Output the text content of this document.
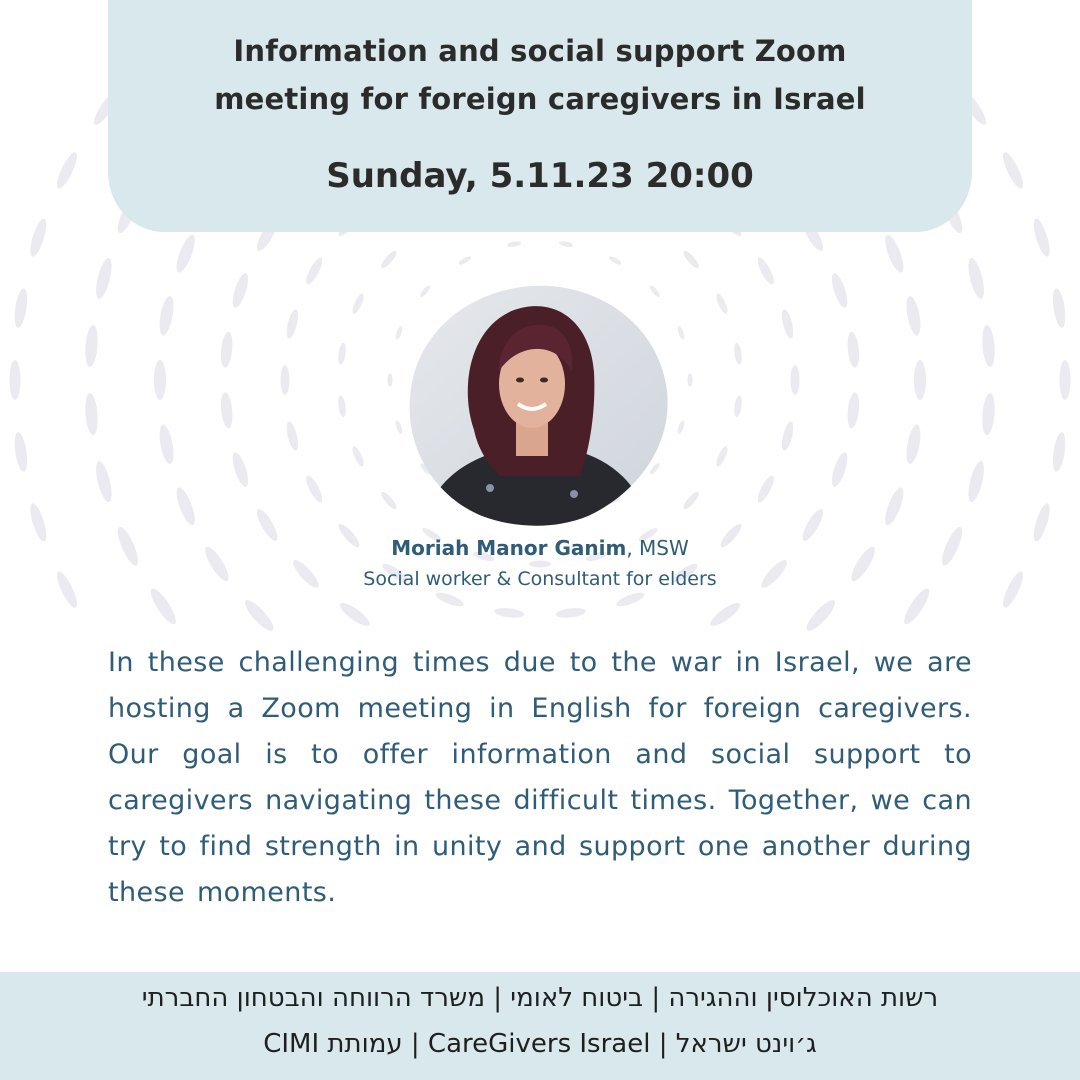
Information and social support Zoom
meeting for foreign caregivers in Israel
Sunday, 5.11.23 20:00
Moriah Manor Ganim, MSW
Social worker & Consultant for elders
In these challenging times due to the war in Israel, we are hosting a Zoom meeting in English for foreign caregivers. Our goal is to offer information and social support to caregivers navigating these difficult times. Together, we can try to find strength in unity and support one another during these moments.
רשות האוכלוסין וההגירה | ביטוח לאומי | משרד הרווחה והבטחון החברתי
ג׳וינט ישראל | CareGivers Israel | עמותת CIMI
